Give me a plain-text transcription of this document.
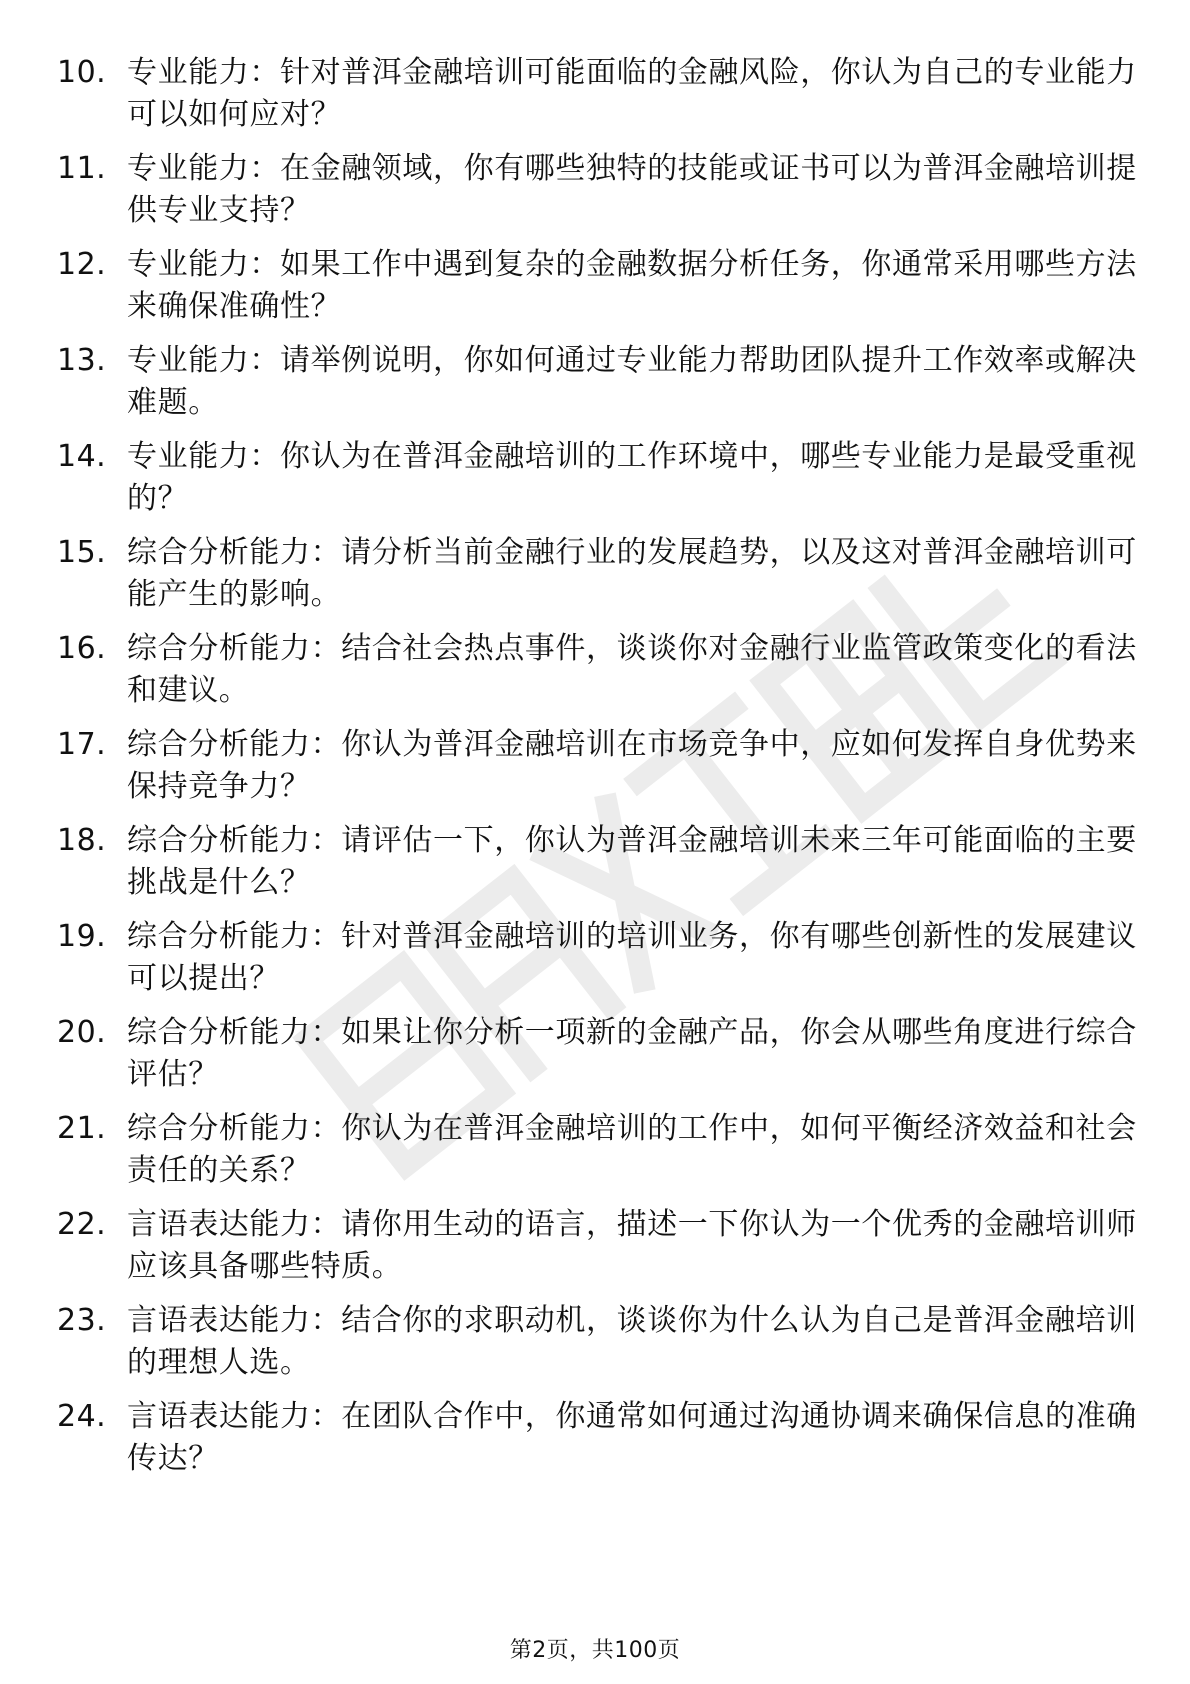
10. 专业能力：针对普洱金融培训可能面临的金融风险，你认为自己的专业能力可以如何应对？
11. 专业能力：在金融领域，你有哪些独特的技能或证书可以为普洱金融培训提供专业支持？
12. 专业能力：如果工作中遇到复杂的金融数据分析任务，你通常采用哪些方法来确保准确性？
13. 专业能力：请举例说明，你如何通过专业能力帮助团队提升工作效率或解决难题。
14. 专业能力：你认为在普洱金融培训的工作环境中，哪些专业能力是最受重视的？
15. 综合分析能力：请分析当前金融行业的发展趋势，以及这对普洱金融培训可能产生的影响。
16. 综合分析能力：结合社会热点事件，谈谈你对金融行业监管政策变化的看法和建议。
17. 综合分析能力：你认为普洱金融培训在市场竞争中，应如何发挥自身优势来保持竞争力？
18. 综合分析能力：请评估一下，你认为普洱金融培训未来三年可能面临的主要挑战是什么？
19. 综合分析能力：针对普洱金融培训的培训业务，你有哪些创新性的发展建议可以提出？
20. 综合分析能力：如果让你分析一项新的金融产品，你会从哪些角度进行综合评估？
21. 综合分析能力：你认为在普洱金融培训的工作中，如何平衡经济效益和社会责任的关系？
22. 言语表达能力：请你用生动的语言，描述一下你认为一个优秀的金融培训师应该具备哪些特质。
23. 言语表达能力：结合你的求职动机，谈谈你为什么认为自己是普洱金融培训的理想人选。
24. 言语表达能力：在团队合作中，你通常如何通过沟通协调来确保信息的准确传达？
第2页，共100页
